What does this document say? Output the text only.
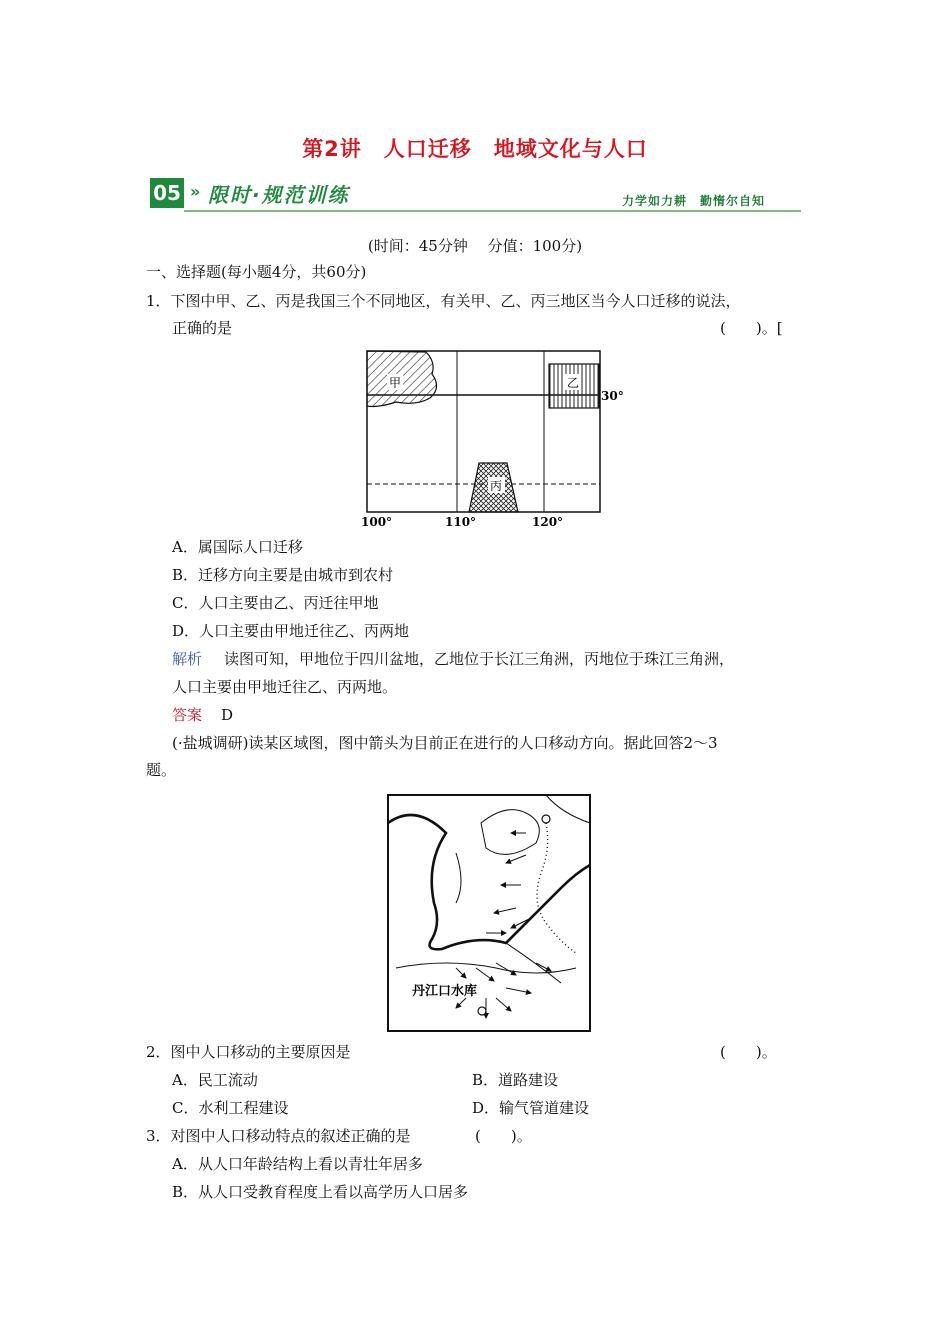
第2讲　人口迁移　地域文化与人口
05 » 限时·规范训练	力学如力耕　勤惰尔自知
(时间：45分钟　 分值：100分)
一、选择题(每小题4分，共60分)
1．下图中甲、乙、丙是我国三个不同地区，有关甲、乙、丙三地区当今人口迁移的说法，
正确的是	(　　)。[
甲	乙
30°
丙
100°	110°	120°
A．属国际人口迁移
B．迁移方向主要是由城市到农村
C．人口主要由乙、丙迁往甲地
D．人口主要由甲地迁往乙、丙两地
解析 读图可知，甲地位于四川盆地，乙地位于长江三角洲，丙地位于珠江三角洲，
人口主要由甲地迁往乙、丙两地。
答案 D
(·盐城调研)读某区域图，图中箭头为目前正在进行的人口移动方向。据此回答2～3
题。
丹江口水库
2．图中人口移动的主要原因是	(　　)。
A．民工流动	B．道路建设
C．水利工程建设	D．输气管道建设
3．对图中人口移动特点的叙述正确的是	(　　)。
A．从人口年龄结构上看以青壮年居多
B．从人口受教育程度上看以高学历人口居多
